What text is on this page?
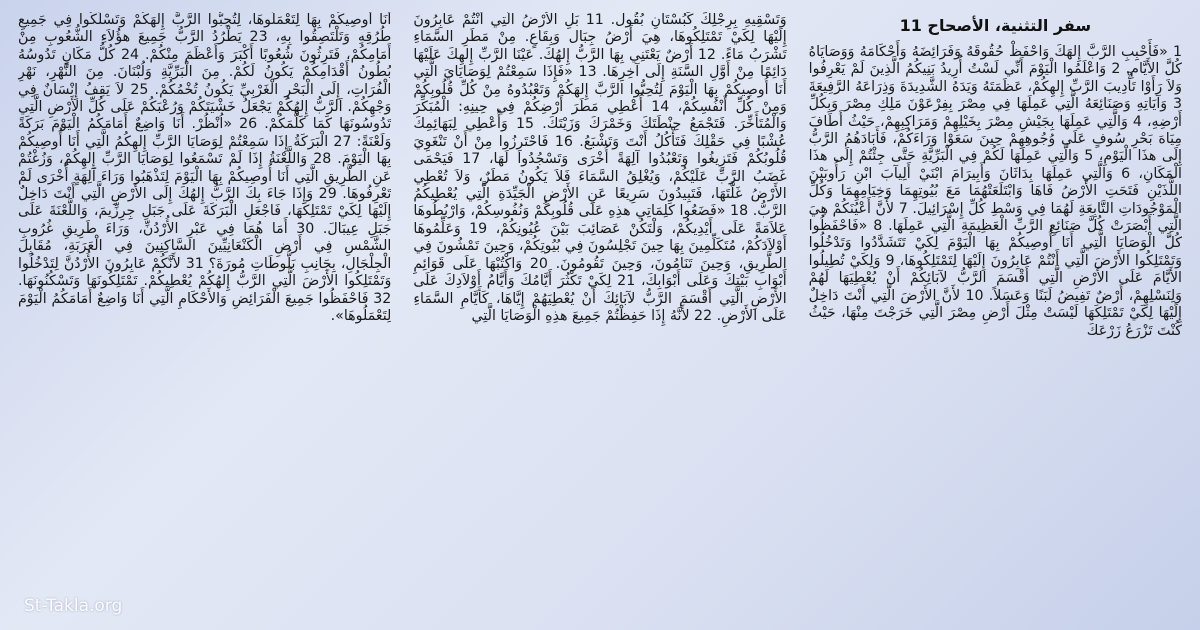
سفر التثنية، الأصحاح 11

1 «فَأَحْبِبِ الرَّبَّ إِلهَكَ وَاحْفَظْ حُقُوقَهُ وَفَرَائِضَهُ وَأَحْكَامَهُ وَوَصَايَاهُ كُلَّ الأَيَّامِ. 2 وَاعْلَمُوا الْيَوْمَ أَنِّي لَسْتُ أُرِيدُ بَنِيكُمُ الَّذِينَ لَمْ يَعْرِفُوا وَلاَ رَأَوْا تَأْدِيبَ الرَّبِّ إِلهِكُمْ، عَظَمَتَهُ وَيَدَهُ الشَّدِيدَةَ وَذِرَاعَهُ الرَّفِيعَةَ 3 وَآيَاتِهِ وَصَنَائِعَهُ الَّتِي عَمِلَهَا فِي مِصْرَ بِفِرْعَوْنَ مَلِكِ مِصْرَ وَبِكُلِّ أَرْضِهِ، 4 وَالَّتِي عَمِلَهَا بِجَيْشِ مِصْرَ بِخَيْلِهِمْ وَمَرَاكِبِهِمْ، حَيْثُ أَطَافَ مِيَاهَ بَحْرِ سُوفٍ عَلَى وُجُوهِهِمْ حِينَ سَعَوْا وَرَاءَكُمْ، فَأَبَادَهُمُ الرَّبُّ إِلَى هذَا الْيَوْمِ، 5 وَالَّتِي عَمِلَهَا لَكُمْ فِي الْبَرِّيَّةِ حَتَّى جِئْتُمْ إِلَى هذَا الْمَكَانِ، 6 وَالَّتِي عَمِلَهَا بِدَاثَانَ وَأَبِيرَامَ ابْنَيْ أَلِيآبَ ابْنِ رَأُوبَيْنَ اللَّذَيْنِ فَتَحَتِ الأَرْضُ فَاهَا وَابْتَلَعَتْهُمَا مَعَ بُيُوتِهِمَا وَخِيَامِهِمَا وَكُلِّ الْمَوْجُودَاتِ التَّابِعَةِ لَهُمَا فِي وَسْطِ كُلِّ إِسْرَائِيلَ. 7 لأَنَّ أَعْيُنَكُمْ هِيَ الَّتِي أَبْصَرَتْ كُلَّ صَنَائِعِ الرَّبِّ الْعَظِيمَةِ الَّتِي عَمِلَهَا. 8 «فَاحْفَظُوا كُلَّ الْوَصَايَا الَّتِي أَنَا أُوصِيكُمْ بِهَا الْيَوْمَ لِكَيْ تَتَشَدَّدُوا وَتَدْخُلُوا وَتَمْتَلِكُوا الأَرْضَ الَّتِي أَنْتُمْ عَابِرُونَ إِلَيْهَا لِتَمْتَلِكُوهَا، 9 وَلِكَيْ تُطِيلُوا الأَيَّامَ عَلَى الأَرْضِ الَّتِي أَقْسَمَ الرَّبُّ لآبَائِكُمْ أَنْ يُعْطِيَهَا لَهُمْ وَلِنَسْلِهِمْ، أَرْضٌ تَفِيضُ لَبَنًا وَعَسَلاً. 10 لأَنَّ الأَرْضَ الَّتِي أَنْتَ دَاخِلٌ إِلَيْهَا لِكَيْ تَمْتَلِكَهَا لَيْسَتْ مِثْلَ أَرْضِ مِصْرَ الَّتِي خَرَجْتَ مِنْهَا، حَيْثُ كُنْتَ تَزْرَعُ زَرْعَكَ

وَتَسْقِيهِ بِرِجْلِكَ كَبُسْتَانِ بُقُول. 11 بَلِ الأَرْضُ الَّتِي أَنْتُمْ عَابِرُونَ إِلَيْهَا لِكَيْ تَمْتَلِكُوهَا، هِيَ أَرْضُ جِبَال وَبِقَاعٍ. مِنْ مَطَرِ السَّمَاءِ تَشْرَبُ مَاءً. 12 أَرْضٌ يَعْتَنِي بِهَا الرَّبُّ إِلهُكَ. عَيْنَا الرَّبِّ إِلهِكَ عَلَيْهَا دَائِمًا مِنْ أَوَّلِ السَّنَةِ إِلَى آخِرِهَا. 13 «فَإِذَا سَمِعْتُمْ لِوَصَايَايَ الَّتِي أَنَا أُوصِيكُمْ بِهَا الْيَوْمَ لِتُحِبُّوا الرَّبَّ إِلهَكُمْ وَتَعْبُدُوهُ مِنْ كُلِّ قُلُوبِكُمْ وَمِنْ كُلِّ أَنْفُسِكُمْ، 14 أُعْطِي مَطَرَ أَرْضِكُمْ فِي حِينِهِ: الْمُبَكِّرَ وَالْمُتَأَخِّرَ. فَتَجْمَعُ حِنْطَتَكَ وَخَمْرَكَ وَزَيْتَكَ. 15 وَأُعْطِي لِبَهَائِمِكَ عُشْبًا فِي حَقْلِكَ فَتَأْكُلُ أَنْتَ وَتَشْبَعُ. 16 فَاحْتَرِزُوا مِنْ أَنْ تَنْغَوِيَ قُلُوبُكُمْ فَتَزِيغُوا وَتَعْبُدُوا آلِهَةً أُخْرَى وَتَسْجُدُوا لَهَا، 17 فَيَحْمَى غَضَبُ الرَّبِّ عَلَيْكُمْ، وَيُغْلِقُ السَّمَاءَ فَلاَ يَكُونُ مَطَرٌ، وَلاَ تُعْطِي الأَرْضُ غَلَّتَهَا، فَتَبِيدُونَ سَرِيعًا عَنِ الأَرْضِ الْجَيِّدَةِ الَّتِي يُعْطِيكُمُ الرَّبُّ. 18 «فَضَعُوا كَلِمَاتِي هذِهِ عَلَى قُلُوبِكُمْ وَنُفُوسِكُمْ، وَارْبُطُوهَا عَلاَمَةً عَلَى أَيْدِيكُمْ، وَلْتَكُنْ عَصَائِبَ بَيْنَ عُيُونِكُمْ، 19 وَعَلِّمُوهَا أَوْلاَدَكُمْ، مُتَكَلِّمِينَ بِهَا حِينَ تَجْلِسُونَ فِي بُيُوتِكُمْ، وَحِينَ تَمْشُونَ فِي الطَّرِيقِ، وَحِينَ تَنَامُونَ، وَحِينَ تَقُومُونَ. 20 وَاكْتُبْهَا عَلَى قَوَائِمِ أَبْوَابِ بَيْتِكَ وَعَلَى أَبْوَابِكَ، 21 لِكَيْ تَكْثُرَ أَيَّامُكَ وَأَيَّامُ أَوْلاَدِكَ عَلَى الأَرْضِ الَّتِي أَقْسَمَ الرَّبُّ لآبَائِكَ أَنْ يُعْطِيَهُمْ إِيَّاهَا، كَأَيَّامِ السَّمَاءِ عَلَى الأَرْضِ. 22 لأَنَّهُ إِذَا حَفِظْتُمْ جَمِيعَ هذِهِ الْوَصَايَا الَّتِي

أَنَا أُوصِيكُمْ بِهَا لِتَعْمَلُوهَا، لِتُحِبُّوا الرَّبَّ إِلهَكُمْ وَتَسْلُكُوا فِي جَمِيعِ طُرُقِهِ وَتَلْتَصِقُوا بِهِ، 23 يَطْرُدُ الرَّبُّ جَمِيعَ هؤُلاَءِ الشُّعُوبِ مِنْ أَمَامِكُمْ، فَتَرِثُونَ شُعُوبًا أَكْبَرَ وَأَعْظَمَ مِنْكُمْ. 24 كُلُّ مَكَانٍ تَدُوسُهُ بُطُونُ أَقْدَامِكُمْ يَكُونُ لَكُمْ. مِنَ الْبَرِّيَّةِ وَلُبْنَانَ. مِنَ النَّهْرِ، نَهْرِ الْفُرَاتِ، إِلَى الْبَحْرِ الْغَرْبِيِّ يَكُونُ تُخْمُكُمْ. 25 لاَ يَقِفُ إِنْسَانٌ فِي وَجْهِكُمْ. اَلرَّبُّ إِلهُكُمْ يَجْعَلُ خَشْيَتَكُمْ وَرُعْبَكُمْ عَلَى كُلِّ الأَرْضِ الَّتِي تَدُوسُونَهَا كَمَا كَلَّمَكُمْ. 26 «اُنْظُرْ. أَنَا وَاضِعٌ أَمَامَكُمُ الْيَوْمَ بَرَكَةً وَلَعْنَةً: 27 الْبَرَكَةُ إِذَا سَمِعْتُمْ لِوَصَايَا الرَّبِّ إِلهِكُمُ الَّتِي أَنَا أُوصِيكُمْ بِهَا الْيَوْمَ. 28 وَاللَّعْنَةُ إِذَا لَمْ تَسْمَعُوا لِوَصَايَا الرَّبِّ إِلهِكُمْ، وَزُغْتُمْ عَنِ الطَّرِيقِ الَّتِي أَنَا أُوصِيكُمْ بِهَا الْيَوْمَ لِتَذْهَبُوا وَرَاءَ آلِهَةٍ أُخْرَى لَمْ تَعْرِفُوهَا. 29 وَإِذَا جَاءَ بِكَ الرَّبُّ إِلهُكَ إِلَى الأَرْضِ الَّتِي أَنْتَ دَاخِلٌ إِلَيْهَا لِكَيْ تَمْتَلِكَهَا، فَاجْعَلِ الْبَرَكَةَ عَلَى جَبَلِ جِرِزِّيمَ، وَاللَّعْنَةَ عَلَى جَبَلِ عِيبَالَ. 30 أَمَا هُمَا فِي عَبْرِ الأُرْدُنِّ، وَرَاءَ طَرِيقِ غُرُوبِ الشَّمْسِ فِي أَرْضِ الْكَنْعَانِيِّينَ السَّاكِنِينَ فِي الْعَرَبَةِ، مُقَابِلَ الْجِلْجَالِ، بِجَانِبِ بَلُّوطَاتِ مُورَةَ؟ 31 لأَنَّكُمْ عَابِرُونَ الأُرْدُنَّ لِتَدْخُلُوا وَتَمْتَلِكُوا الأَرْضَ الَّتِي الرَّبُّ إِلهُكُمْ يُعْطِيكُمْ. تَمْتَلِكُونَهَا وَتَسْكُنُونَهَا. 32 فَاحْفَظُوا جَمِيعَ الْفَرَائِضِ وَالأَحْكَامِ الَّتِي أَنَا وَاضِعٌ أَمَامَكُمُ الْيَوْمَ لِتَعْمَلُوهَا».

St-Takla.org
